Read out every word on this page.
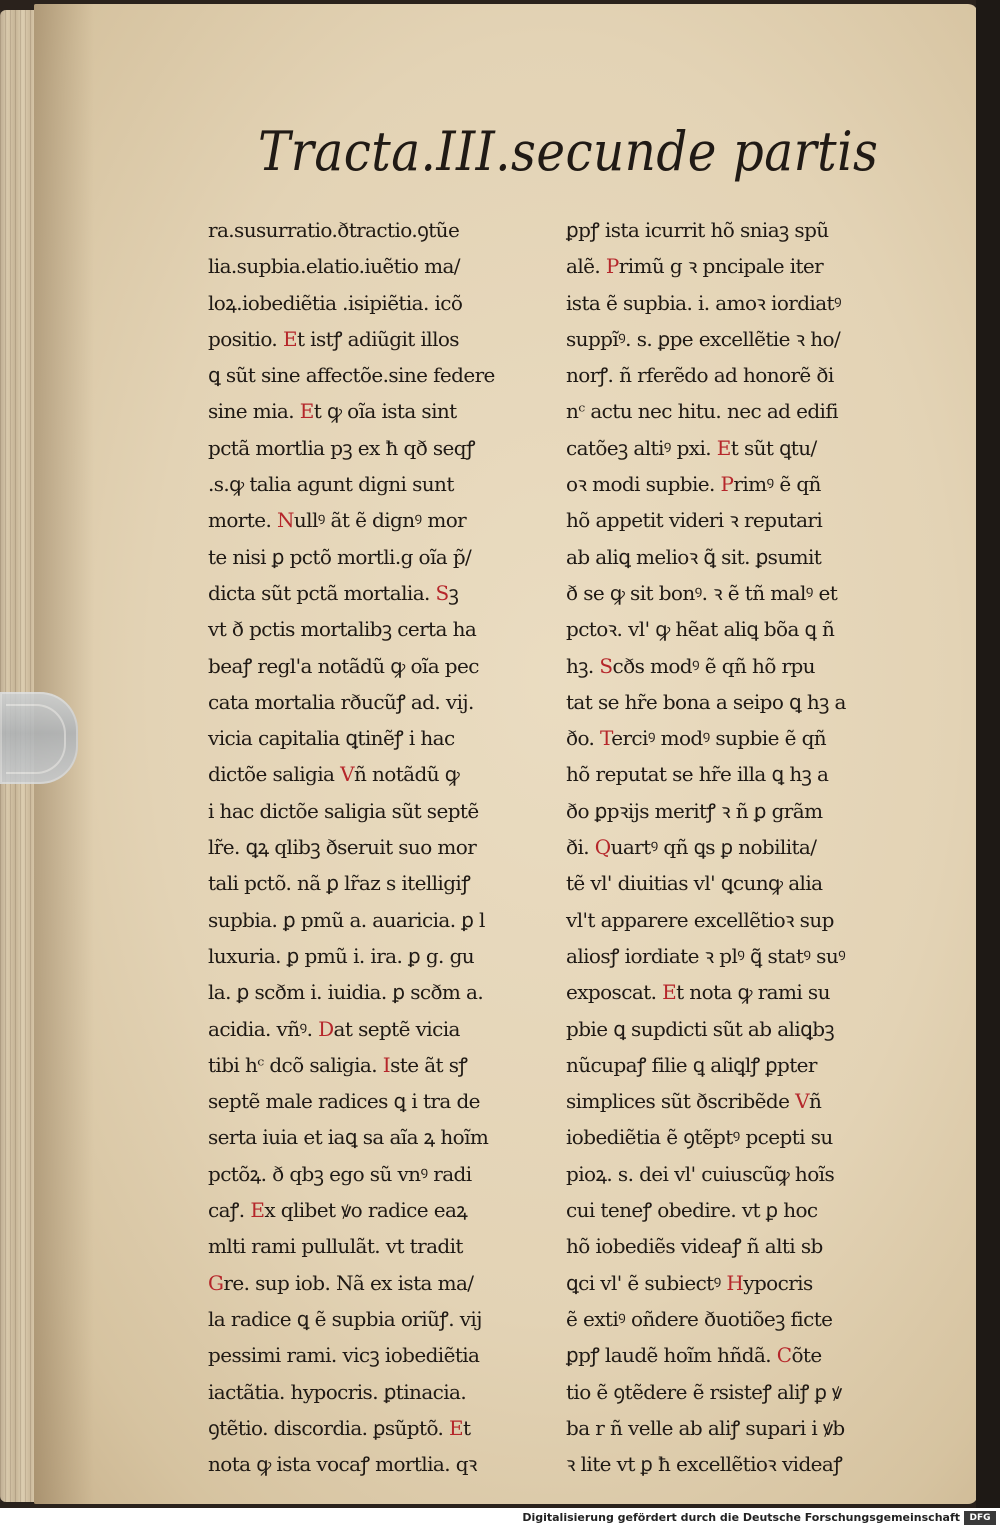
Tracta.III.secunde partis
ra.susurratio.ðtractio.ꝯtũe
lia.supbia.elatio.iuẽtio ma/
loꝝ.iobediẽtia .isipiẽtia. icõ
positio. Et istꝭ adiũgit illos
ꝗ sũt sine affectõe.sine federe
sine mia. Et ꝙ oĩa ista sint
pctã mortlia pꝫ ex ħ qð seqꝭ
.s.ꝙ talia agunt digni sunt
morte. Nullꝰ ãt ẽ dignꝰ mor
te nisi ꝑ pctõ mortli.g oĩa p̃/
dicta sũt pctã mortalia. Sꝫ
vt ð pctis mortalibꝫ certa ha
beaꝭ regl'a notãdũ ꝙ oĩa pec
cata mortalia rðucũꝭ ad. vij.
vicia capitalia ꝗtinẽꝭ i hac
dictõe saligia Vñ notãdũ ꝙ
i hac dictõe saligia sũt septẽ
lr̃e. ꝗꝝ qlibꝫ ðseruit suo mor
tali pctõ. nã ꝑ lr̃az s itelligiꝭ
supbia. ꝑ pmũ a. auaricia. ꝑ l
luxuria. ꝑ pmũ i. ira. ꝑ g. gu
la. ꝑ scðm i. iuidia. ꝑ scðm a.
acidia. vñꝰ. Dat septẽ vicia
tibi hᶜ dcõ saligia. Iste ãt sꝭ
septẽ male radices ꝗ i tra de
serta iuia et iaꝗ sa aĩa ꝝ hoĩm
pctõꝝ. ð qbꝫ ego sũ vnꝰ radi
caꝭ. Ex qlibet ꝟo radice eaꝝ
mlti rami pullulãt. vt tradit
Gre. sup iob. Nã ex ista ma/
la radice ꝗ ẽ supbia oriũꝭ. vij
pessimi rami. vicꝫ iobediẽtia
iactãtia. hypocris. ꝑtinacia.
ꝯtẽtio. discordia. ꝑsũptõ. Et
nota ꝙ ista vocaꝭ mortlia. qꝛ
ꝑpꝭ ista icurrit hõ sniaꝫ spũ
alẽ. Primũ g ꝛ pncipale iter
ista ẽ supbia. i. amoꝛ iordiatꝰ
suppĩꝰ. s. ꝑpe excellẽtie ꝛ ho/
norꝭ. ñ rferẽdo ad honorẽ ði
nᶜ actu nec hitu. nec ad edifi
catõeꝫ altiꝰ pxi. Et sũt ꝗtu/
oꝛ modi supbie. Primꝰ ẽ qñ
hõ appetit videri ꝛ reputari
ab aliꝗ melioꝛ ꝗ̃ sit. ꝑsumit
ð se ꝙ sit bonꝰ. ꝛ ẽ tñ malꝰ et
pctoꝛ. vl' ꝙ hẽat aliꝗ bõa ꝗ ñ
hꝫ. Scðs modꝰ ẽ qñ hõ rpu
tat se hr̃e bona a seipo ꝗ hꝫ a
ðo. Terciꝰ modꝰ supbie ẽ qñ
hõ reputat se hr̃e illa ꝗ hꝫ a
ðo ꝑpꝛijs meritꝭ ꝛ ñ ꝑ grãm
ði. Quartꝰ qñ ꝗs ꝑ nobilita/
tẽ vl' diuitias vl' ꝗcunꝙ alia
vl't apparere excellẽtioꝛ sup
aliosꝭ iordiate ꝛ plꝰ ꝗ̃ statꝰ suꝰ
exposcat. Et nota ꝙ rami su
pbie ꝗ supdicti sũt ab aliꝗbꝫ
nũcupaꝭ filie ꝗ aliꝗlꝭ ꝑpter
simplices sũt ðscribẽde Vñ
iobediẽtia ẽ ꝯtẽptꝰ pcepti su
pioꝝ. s. dei vl' cuiuscũꝙ hoĩs
cui teneꝭ obedire. vt ꝑ hoc
hõ iobediẽs videaꝭ ñ alti sb
ꝗci vl' ẽ subiectꝰ Hypocris
ẽ extiꝰ oñdere ðuotiõeꝫ ficte
ꝑpꝭ laudẽ hoĩm hñdã. Cõte
tio ẽ ꝯtẽdere ẽ rsisteꝭ aliꝭ ꝑ ꝟ
ba r ñ velle ab aliꝭ supari i ꝟb
ꝛ lite vt ꝑ ħ excellẽtioꝛ videaꝭ
Digitalisierung gefördert durch die Deutsche Forschungsgemeinschaft	DFG
